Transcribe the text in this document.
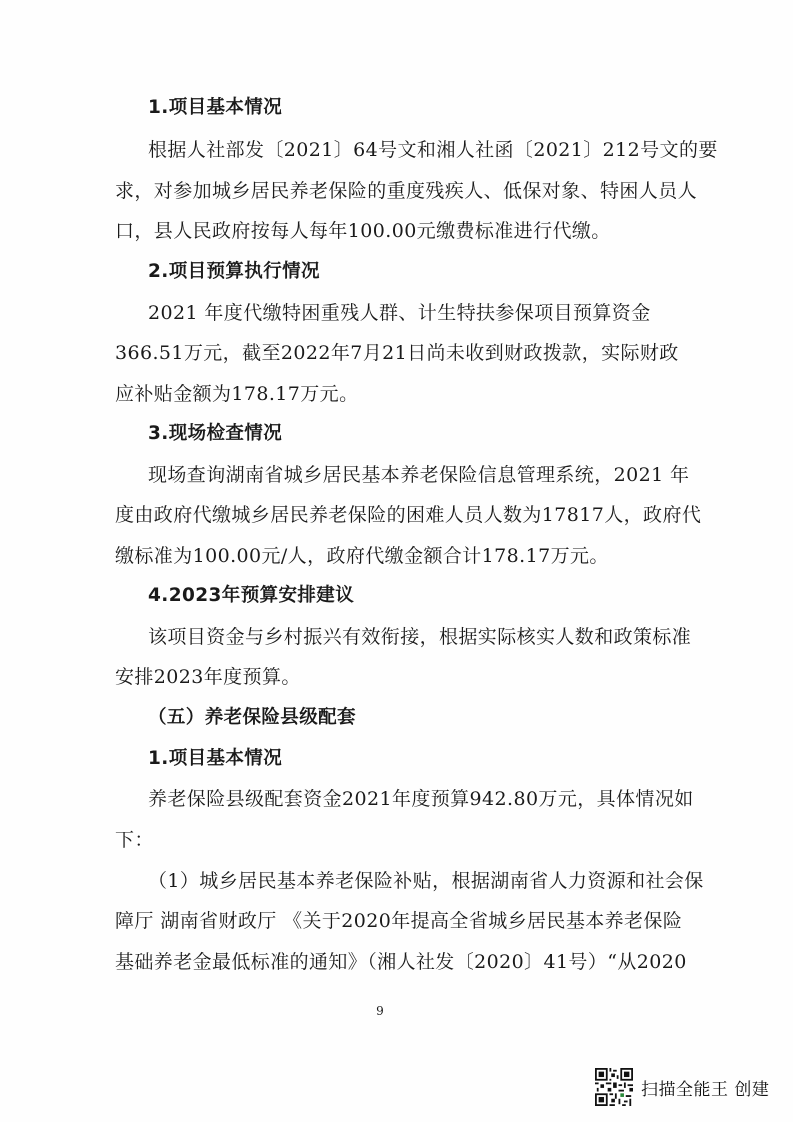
1.项目基本情况
根据人社部发〔2021〕64号文和湘人社函〔2021〕212号文的要
求，对参加城乡居民养老保险的重度残疾人、低保对象、特困人员人
口，县人民政府按每人每年100.00元缴费标准进行代缴。
2.项目预算执行情况
2021 年度代缴特困重残人群、计生特扶参保项目预算资金
366.51万元，截至2022年7月21日尚未收到财政拨款，实际财政
应补贴金额为178.17万元。
3.现场检查情况
现场查询湖南省城乡居民基本养老保险信息管理系统，2021 年
度由政府代缴城乡居民养老保险的困难人员人数为17817人，政府代
缴标准为100.00元/人，政府代缴金额合计178.17万元。
4.2023年预算安排建议
该项目资金与乡村振兴有效衔接，根据实际核实人数和政策标准
安排2023年度预算。
（五）养老保险县级配套
1.项目基本情况
养老保险县级配套资金2021年度预算942.80万元，具体情况如
下：
（1）城乡居民基本养老保险补贴，根据湖南省人力资源和社会保
障厅 湖南省财政厅 《关于2020年提高全省城乡居民基本养老保险
基础养老金最低标准的通知》（湘人社发〔2020〕41号）“从2020
9
扫描全能王 创建
